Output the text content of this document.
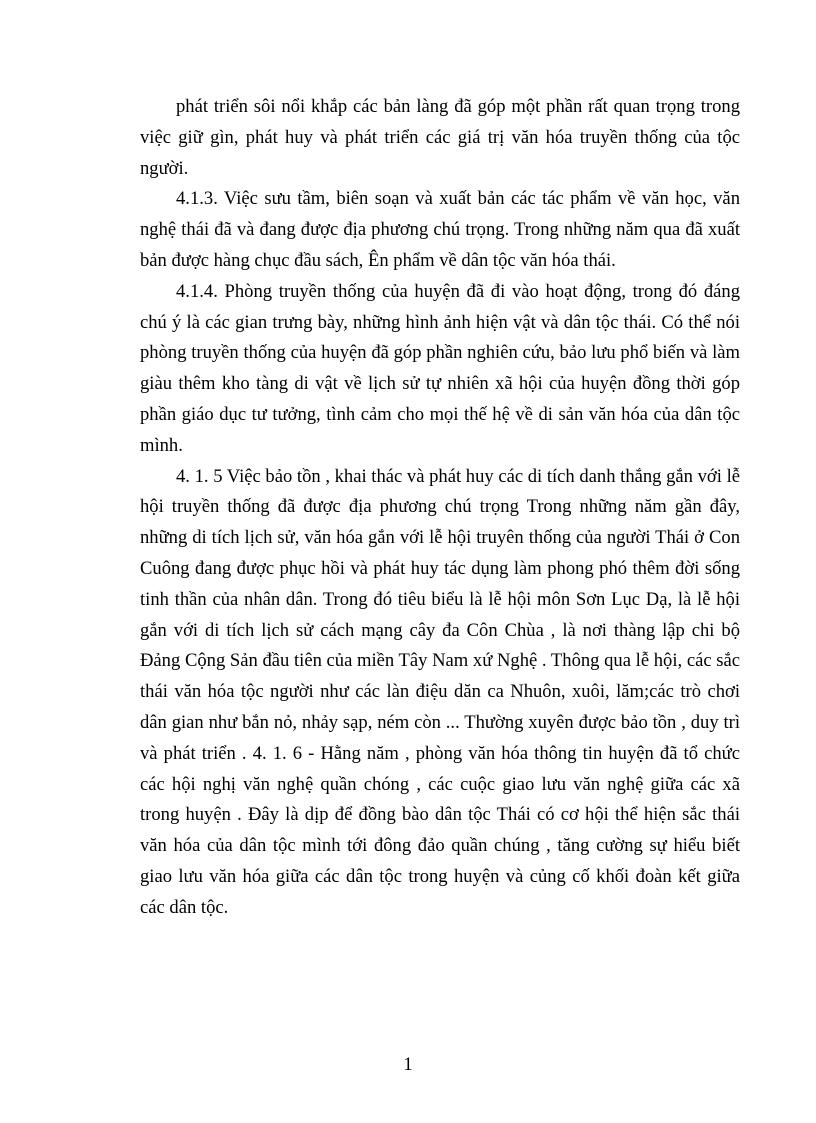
phát triển sôi nổi khắp các bản làng đã góp một phần rất quan trọng trong việc giữ gìn, phát huy và phát triển các giá trị văn hóa truyền thống của tộc người.

4.1.3. Việc sưu tầm, biên soạn và xuất bản các tác phẩm về văn học, văn nghệ thái đã và đang được địa phương chú trọng. Trong những năm qua đã xuất bản được hàng chục đầu sách, Ên phẩm về dân tộc văn hóa thái.

4.1.4. Phòng truyền thống của huyện đã đi vào hoạt động, trong đó đáng chú ý là các gian trưng bày, những hình ảnh hiện vật và dân tộc thái. Có thể nói phòng truyền thống của huyện đã góp phần nghiên cứu, bảo lưu phổ biến và làm giàu thêm kho tàng di vật về lịch sử tự nhiên xã hội của huyện đồng thời góp phần giáo dục tư tưởng, tình cảm cho mọi thế hệ về di sản văn hóa của dân tộc mình.

4. 1. 5 Việc bảo tồn , khai thác và phát huy các di tích danh thắng gắn với lễ hội truyền thống đã được địa phương chú trọng Trong những năm gần đây, những di tích lịch sử, văn hóa gắn với lễ hội truyên thống của người Thái ở Con Cuông đang được phục hồi và phát huy tác dụng làm phong phó thêm đời sống tinh thần của nhân dân. Trong đó tiêu biểu là lễ hội môn Sơn Lục Dạ, là lễ hội gắn với di tích lịch sử cách mạng cây đa Côn Chùa , là nơi thàng lập chi bộ Đảng Cộng Sản đầu tiên của miền Tây Nam xứ Nghệ . Thông qua lễ hội, các sắc thái văn hóa tộc người như các làn điệu dăn ca Nhuôn, xuôi, lăm;các trò chơi dân gian như bắn nỏ, nhảy sạp, ném còn ... Thường xuyên được bảo tồn , duy trì và phát triển . 4. 1. 6 - Hằng năm , phòng văn hóa thông tin huyện đã tổ chức các hội nghị văn nghệ quần chóng , các cuộc giao lưu văn nghệ giữa các xã trong huyện . Đây là dịp để đồng bào dân tộc Thái có cơ hội thể hiện sắc thái văn hóa của dân tộc mình tới đông đảo quần chúng , tăng cường sự hiểu biết giao lưu văn hóa giữa các dân tộc trong huyện và củng cố khối đoàn kết giữa các dân tộc.

1
